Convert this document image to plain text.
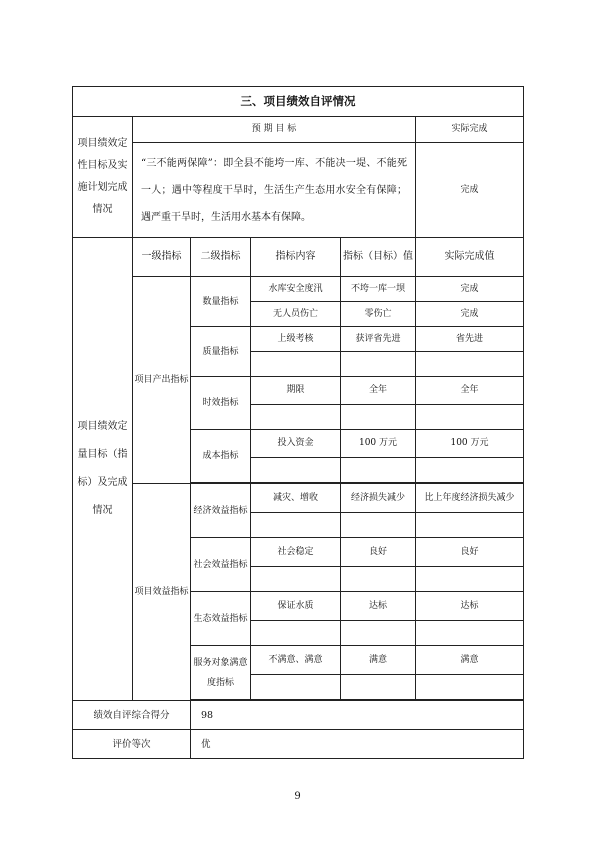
三、项目绩效自评情况					
项目绩效定性目标及实施计划完成情况	预 期 目 标				实际完成
	“三不能两保障”：即全县不能垮一库、不能决一堤、不能死一人；遇中等程度干旱时，生活生产生态用水安全有保障；遇严重干旱时，生活用水基本有保障。				完成
项目绩效定量目标（指标）及完成情况	一级指标	二级指标	指标内容	指标（目标）值	实际完成值
	项目产出指标	数量指标	水库安全度汛	不垮一库一坝	完成
			无人员伤亡	零伤亡	完成
		质量指标	上级考核	获评省先进	省先进

		时效指标	期限	全年	全年

		成本指标	投入资金	100 万元	100 万元

	项目效益指标	经济效益指标	减灾、增收	经济损失减少	比上年度经济损失减少

		社会效益指标	社会稳定	良好	良好

		生态效益指标	保证水质	达标	达标

		服务对象满意度指标	不满意、满意	满意	满意

绩效自评综合得分		98			
评价等次		优			
9
